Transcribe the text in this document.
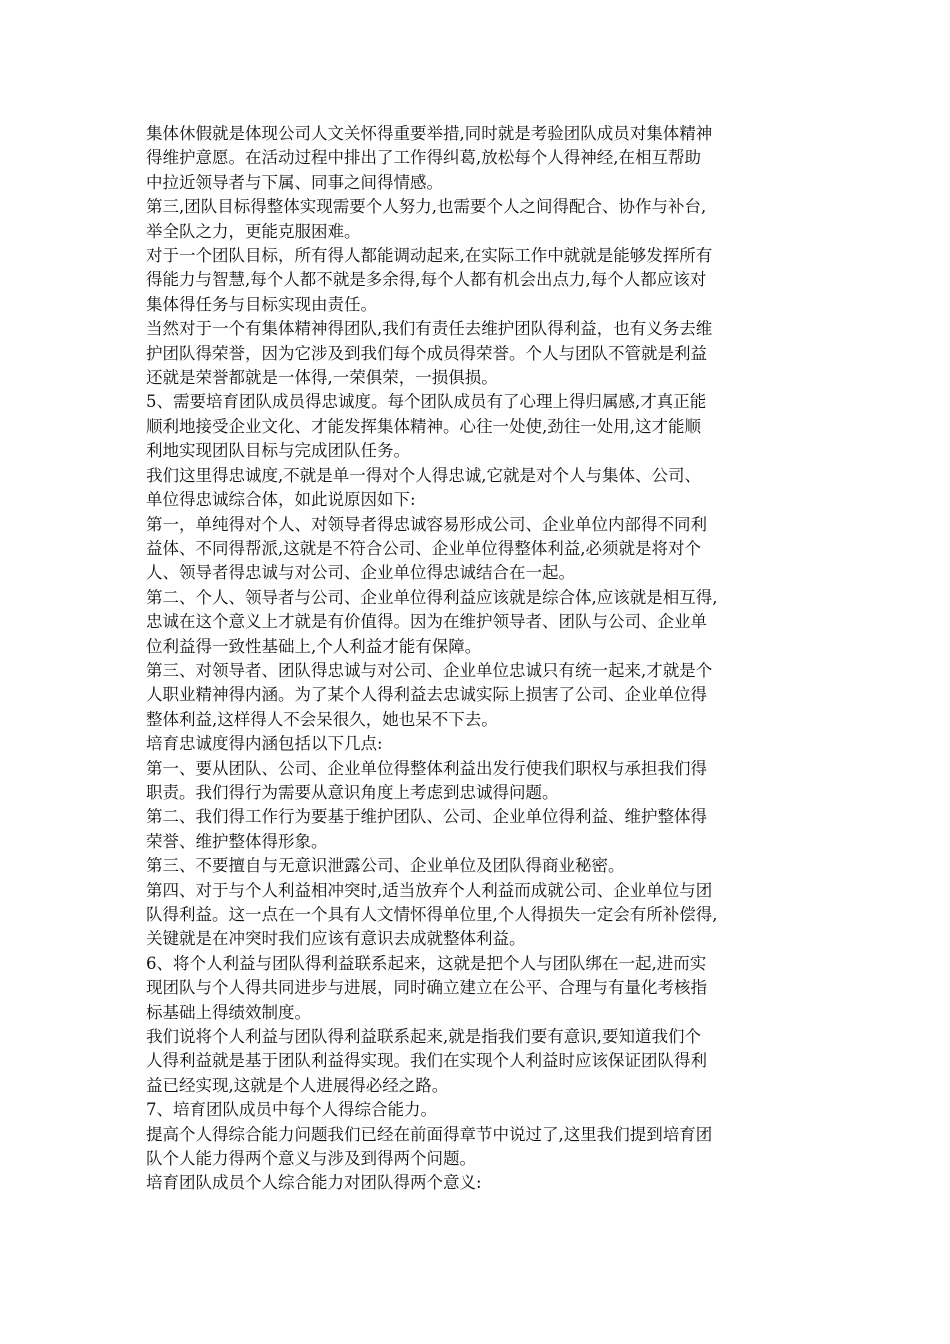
集体休假就是体现公司人文关怀得重要举措,同时就是考验团队成员对集体精神
得维护意愿。在活动过程中排出了工作得纠葛,放松每个人得神经,在相互帮助
中拉近领导者与下属、同事之间得情感。
第三,团队目标得整体实现需要个人努力,也需要个人之间得配合、协作与补台,
举全队之力，更能克服困难。
对于一个团队目标，所有得人都能调动起来,在实际工作中就就是能够发挥所有
得能力与智慧,每个人都不就是多余得,每个人都有机会出点力,每个人都应该对
集体得任务与目标实现由责任。
当然对于一个有集体精神得团队,我们有责任去维护团队得利益，也有义务去维
护团队得荣誉，因为它涉及到我们每个成员得荣誉。个人与团队不管就是利益
还就是荣誉都就是一体得,一荣俱荣，一损俱损。
5、需要培育团队成员得忠诚度。每个团队成员有了心理上得归属感,才真正能
顺利地接受企业文化、才能发挥集体精神。心往一处使,劲往一处用,这才能顺
利地实现团队目标与完成团队任务。
我们这里得忠诚度,不就是单一得对个人得忠诚,它就是对个人与集体、公司、
单位得忠诚综合体，如此说原因如下:
第一，单纯得对个人、对领导者得忠诚容易形成公司、企业单位内部得不同利
益体、不同得帮派,这就是不符合公司、企业单位得整体利益,必须就是将对个
人、领导者得忠诚与对公司、企业单位得忠诚结合在一起。
第二、个人、领导者与公司、企业单位得利益应该就是综合体,应该就是相互得,
忠诚在这个意义上才就是有价值得。因为在维护领导者、团队与公司、企业单
位利益得一致性基础上,个人利益才能有保障。
第三、对领导者、团队得忠诚与对公司、企业单位忠诚只有统一起来,才就是个
人职业精神得内涵。为了某个人得利益去忠诚实际上损害了公司、企业单位得
整体利益,这样得人不会呆很久，她也呆不下去。
培育忠诚度得内涵包括以下几点:
第一、要从团队、公司、企业单位得整体利益出发行使我们职权与承担我们得
职责。我们得行为需要从意识角度上考虑到忠诚得问题。
第二、我们得工作行为要基于维护团队、公司、企业单位得利益、维护整体得
荣誉、维护整体得形象。
第三、不要擅自与无意识泄露公司、企业单位及团队得商业秘密。
第四、对于与个人利益相冲突时,适当放弃个人利益而成就公司、企业单位与团
队得利益。这一点在一个具有人文情怀得单位里,个人得损失一定会有所补偿得,
关键就是在冲突时我们应该有意识去成就整体利益。
6、将个人利益与团队得利益联系起来，这就是把个人与团队绑在一起,进而实
现团队与个人得共同进步与进展，同时确立建立在公平、合理与有量化考核指
标基础上得绩效制度。
我们说将个人利益与团队得利益联系起来,就是指我们要有意识,要知道我们个
人得利益就是基于团队利益得实现。我们在实现个人利益时应该保证团队得利
益已经实现,这就是个人进展得必经之路。
7、培育团队成员中每个人得综合能力。
提高个人得综合能力问题我们已经在前面得章节中说过了,这里我们提到培育团
队个人能力得两个意义与涉及到得两个问题。
培育团队成员个人综合能力对团队得两个意义:
